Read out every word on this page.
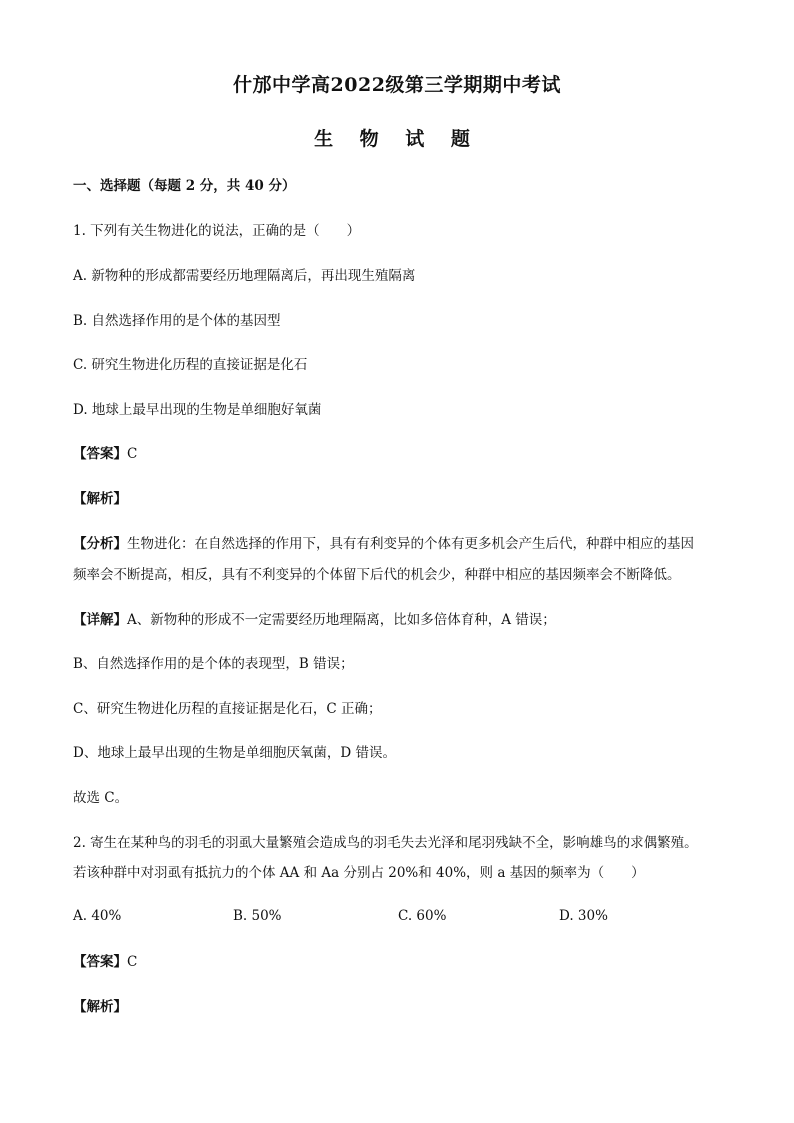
什邡中学高2022级第三学期期中考试
生 物 试 题
一、选择题（每题 2 分，共 40 分）
1. 下列有关生物进化的说法，正确的是（　　）
A. 新物种的形成都需要经历地理隔离后，再出现生殖隔离
B. 自然选择作用的是个体的基因型
C. 研究生物进化历程的直接证据是化石
D. 地球上最早出现的生物是单细胞好氧菌
【答案】C
【解析】
【分析】生物进化：在自然选择的作用下，具有有利变异的个体有更多机会产生后代，种群中相应的基因
频率会不断提高，相反，具有不利变异的个体留下后代的机会少，种群中相应的基因频率会不断降低。
【详解】A、新物种的形成不一定需要经历地理隔离，比如多倍体育种，A 错误；
B、自然选择作用的是个体的表现型，B 错误；
C、研究生物进化历程的直接证据是化石，C 正确；
D、地球上最早出现的生物是单细胞厌氧菌，D 错误。
故选 C。
2. 寄生在某种鸟的羽毛的羽虱大量繁殖会造成鸟的羽毛失去光泽和尾羽残缺不全，影响雄鸟的求偶繁殖。
若该种群中对羽虱有抵抗力的个体 AA 和 Aa 分别占 20%和 40%，则 a 基因的频率为（　　）
A. 40%	B. 50%	C. 60%	D. 30%
【答案】C
【解析】
